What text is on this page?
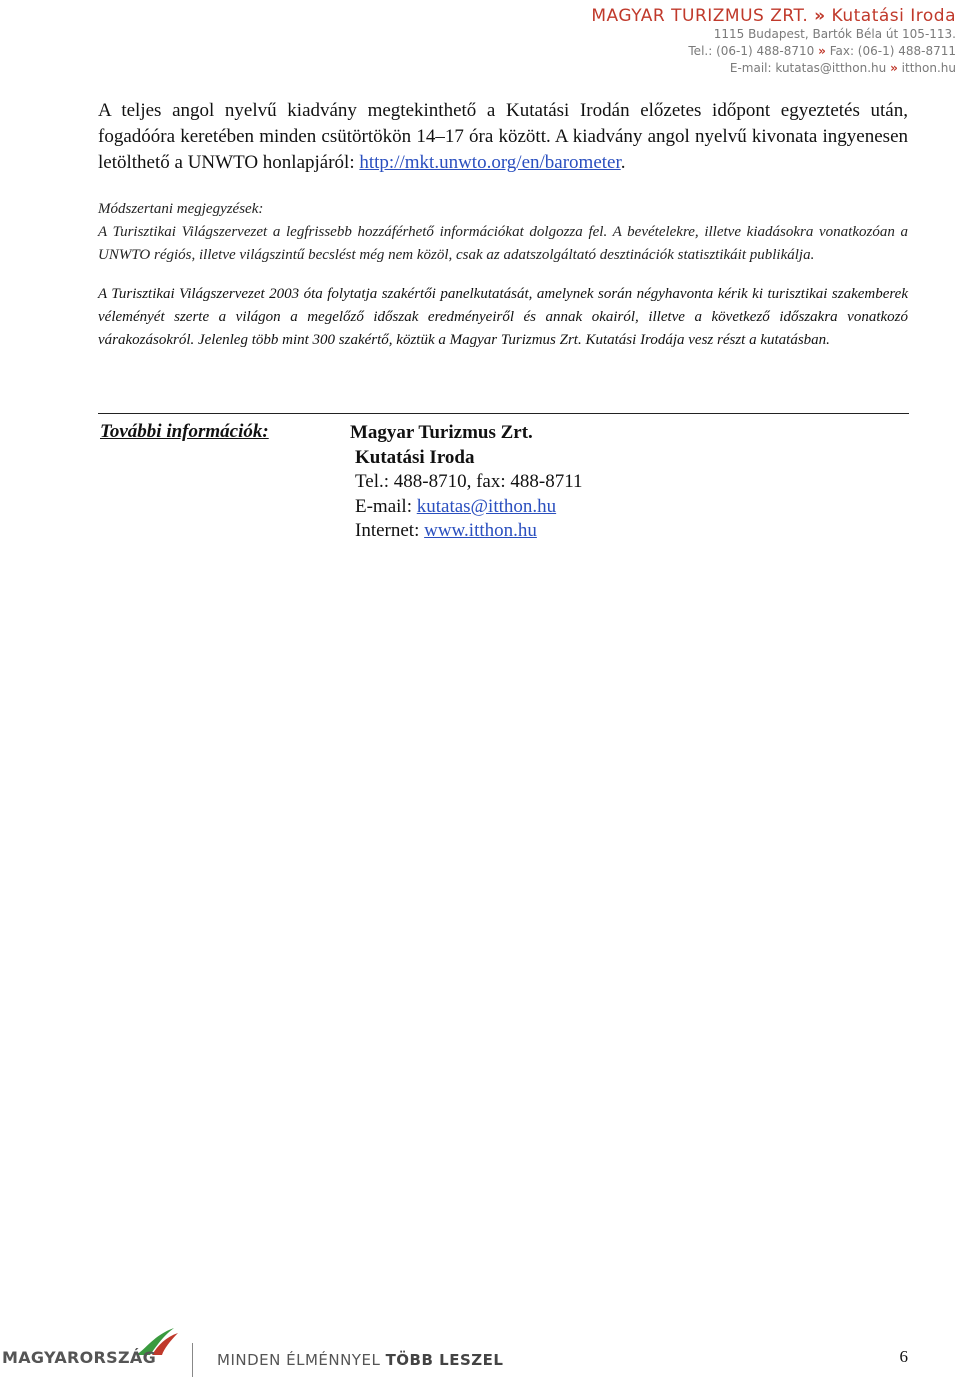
MAGYAR TURIZMUS ZRT. » Kutatási Iroda
1115 Budapest, Bartók Béla út 105-113.
Tel.: (06-1) 488-8710 » Fax: (06-1) 488-8711
E-mail: kutatas@itthon.hu » itthon.hu

A teljes angol nyelvű kiadvány megtekinthető a Kutatási Irodán előzetes időpont egyeztetés után, fogadóóra keretében minden csütörtökön 14–17 óra között. A kiadvány angol nyelvű kivonata ingyenesen letölthető a UNWTO honlapjáról: http://mkt.unwto.org/en/barometer.

Módszertani megjegyzések:

A Turisztikai Világszervezet a legfrissebb hozzáférhető információkat dolgozza fel. A bevételekre, illetve kiadásokra vonatkozóan a UNWTO régiós, illetve világszintű becslést még nem közöl, csak az adatszolgáltató desztinációk statisztikáit publikálja.

A Turisztikai Világszervezet 2003 óta folytatja szakértői panelkutatását, amelynek során négyhavonta kérik ki turisztikai szakemberek véleményét szerte a világon a megelőző időszak eredményeiről és annak okairól, illetve a következő időszakra vonatkozó várakozásokról. Jelenleg több mint 300 szakértő, köztük a Magyar Turizmus Zrt. Kutatási Irodája vesz részt a kutatásban.

További információk:	Magyar Turizmus Zrt.
Kutatási Iroda
Tel.: 488-8710, fax: 488-8711
E-mail: kutatas@itthon.hu
Internet: www.itthon.hu
6
MAGYARORSZÁG	MINDEN ÉLMÉNNYEL TÖBB LESZEL
